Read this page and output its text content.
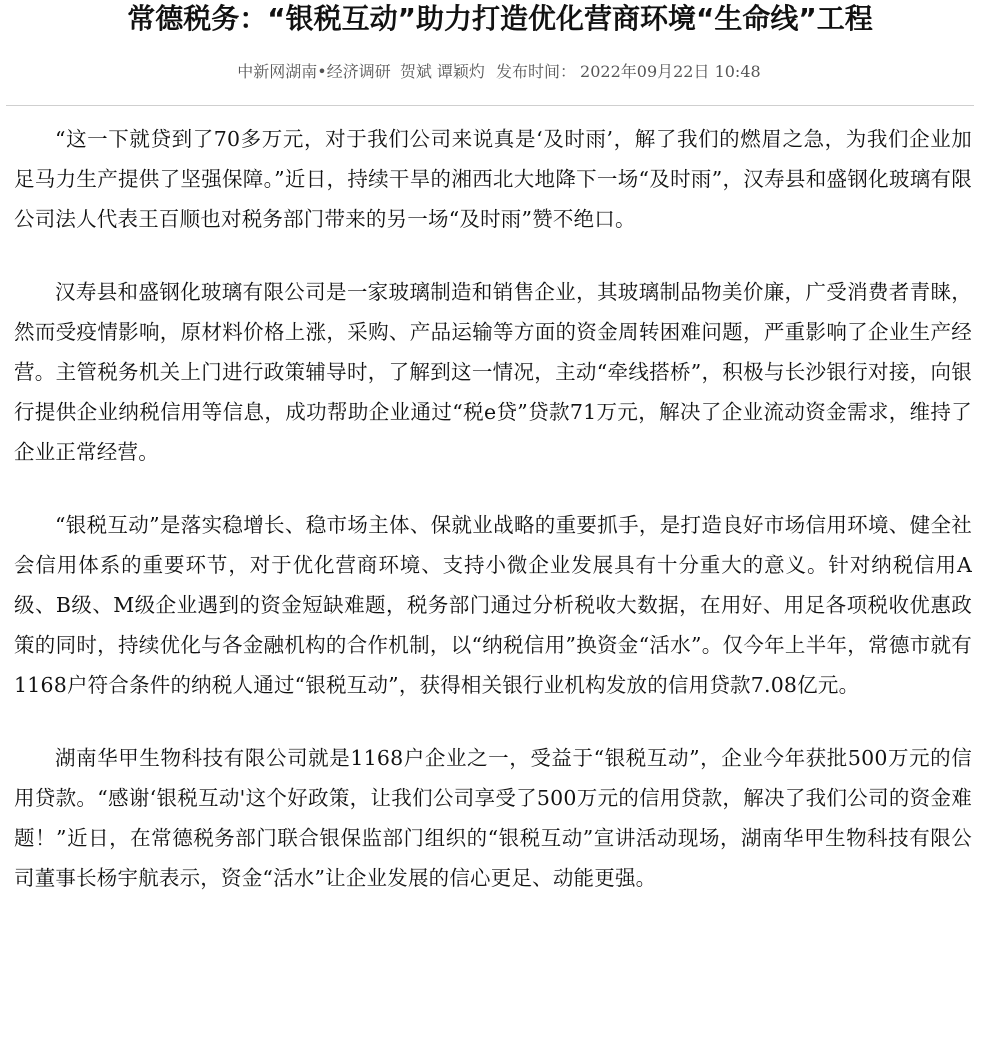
常德税务：“银税互动”助力打造优化营商环境“生命线”工程
中新网湖南•经济调研 贺斌 谭颖灼 发布时间： 2022年09月22日 10:48

“这一下就贷到了70多万元，对于我们公司来说真是‘及时雨’，解了我们的燃眉之急，为我们企业加足马力生产提供了坚强保障。”近日，持续干旱的湘西北大地降下一场“及时雨”，汉寿县和盛钢化玻璃有限公司法人代表王百顺也对税务部门带来的另一场“及时雨”赞不绝口。

汉寿县和盛钢化玻璃有限公司是一家玻璃制造和销售企业，其玻璃制品物美价廉，广受消费者青睐，然而受疫情影响，原材料价格上涨，采购、产品运输等方面的资金周转困难问题，严重影响了企业生产经营。主管税务机关上门进行政策辅导时，了解到这一情况，主动“牵线搭桥”，积极与长沙银行对接，向银行提供企业纳税信用等信息，成功帮助企业通过“税e贷”贷款71万元，解决了企业流动资金需求，维持了企业正常经营。

“银税互动”是落实稳增长、稳市场主体、保就业战略的重要抓手，是打造良好市场信用环境、健全社会信用体系的重要环节，对于优化营商环境、支持小微企业发展具有十分重大的意义。针对纳税信用A级、B级、M级企业遇到的资金短缺难题，税务部门通过分析税收大数据，在用好、用足各项税收优惠政策的同时，持续优化与各金融机构的合作机制，以“纳税信用”换资金“活水”。仅今年上半年，常德市就有1168户符合条件的纳税人通过“银税互动”，获得相关银行业机构发放的信用贷款7.08亿元。

湖南华甲生物科技有限公司就是1168户企业之一，受益于“银税互动”，企业今年获批500万元的信用贷款。“感谢‘银税互动'这个好政策，让我们公司享受了500万元的信用贷款，解决了我们公司的资金难题！”近日，在常德税务部门联合银保监部门组织的“银税互动”宣讲活动现场，湖南华甲生物科技有限公司董事长杨宇航表示，资金“活水”让企业发展的信心更足、动能更强。
